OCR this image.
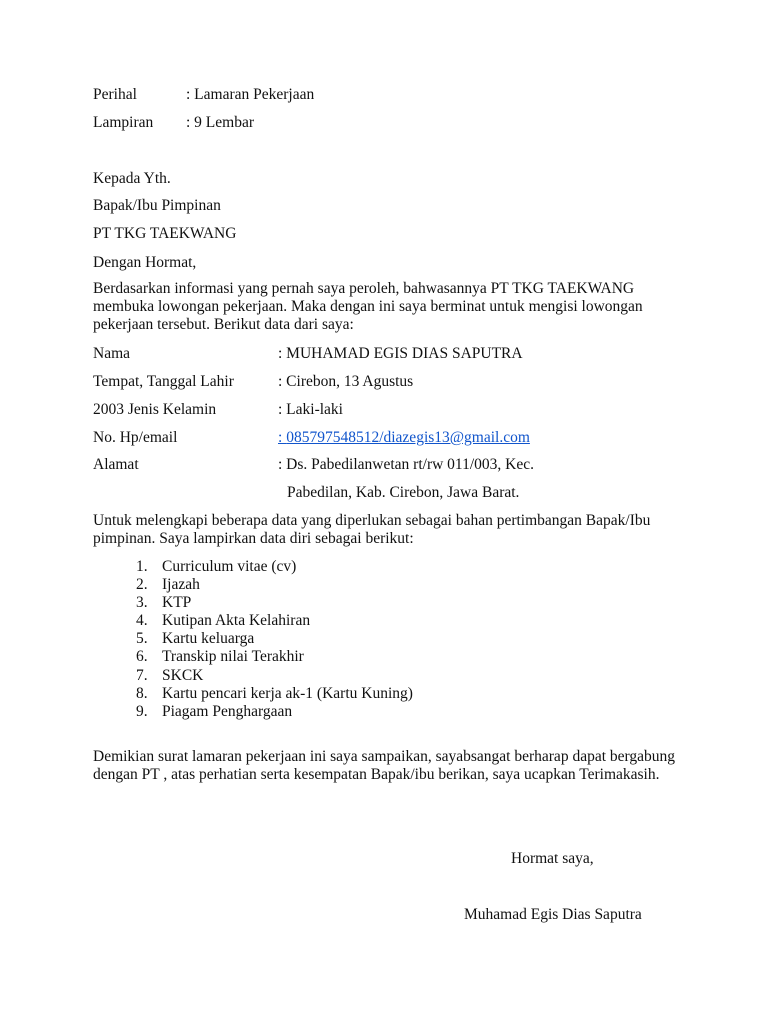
Perihal	: Lamaran Pekerjaan
Lampiran : 9 Lembar
Kepada Yth.
Bapak/Ibu Pimpinan
PT TKG TAEKWANG
Dengan Hormat,
Berdasarkan informasi yang pernah saya peroleh, bahwasannya PT TKG TAEKWANG
membuka lowongan pekerjaan. Maka dengan ini saya berminat untuk mengisi lowongan
pekerjaan tersebut. Berikut data dari saya:
Nama	: MUHAMAD EGIS DIAS SAPUTRA
Tempat, Tanggal Lahir	: Cirebon, 13 Agustus
2003 Jenis Kelamin	: Laki-laki
No. Hp/email	: 085797548512/diazegis13@gmail.com
Alamat	: Ds. Pabedilanwetan rt/rw 011/003, Kec.
Pabedilan, Kab. Cirebon, Jawa Barat.
Untuk melengkapi beberapa data yang diperlukan sebagai bahan pertimbangan Bapak/Ibu
pimpinan. Saya lampirkan data diri sebagai berikut:
1. Curriculum vitae (cv)
2. Ijazah
3. KTP
4. Kutipan Akta Kelahiran
5. Kartu keluarga
6. Transkip nilai Terakhir
7. SKCK
8. Kartu pencari kerja ak-1 (Kartu Kuning)
9. Piagam Penghargaan
Demikian surat lamaran pekerjaan ini saya sampaikan, sayabsangat berharap dapat bergabung
dengan PT , atas perhatian serta kesempatan Bapak/ibu berikan, saya ucapkan Terimakasih.
Hormat saya,
Muhamad Egis Dias Saputra
